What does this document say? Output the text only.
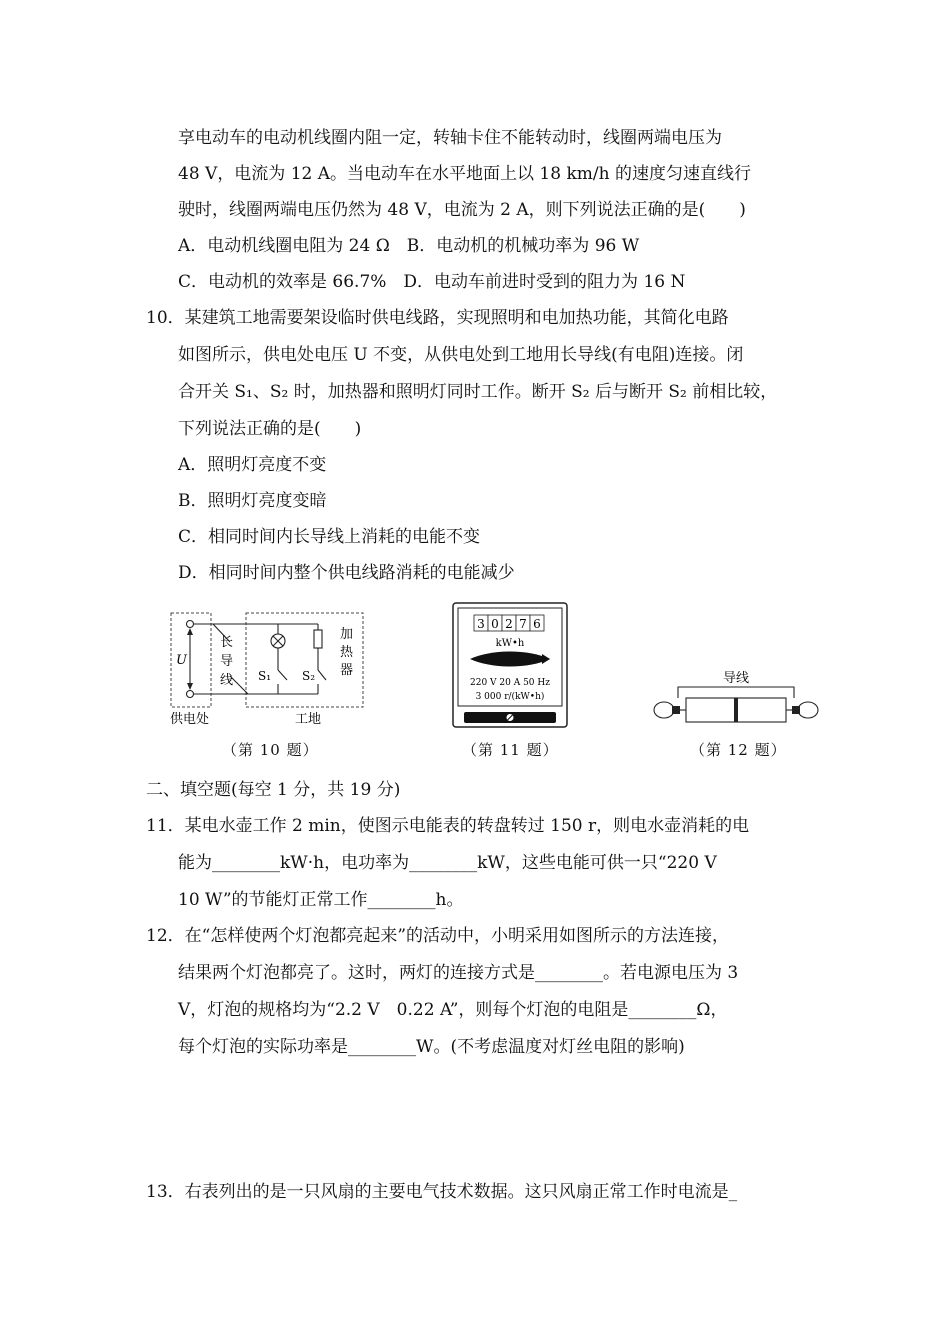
享电动车的电动机线圈内阻一定，转轴卡住不能转动时，线圈两端电压为
48 V，电流为 12 A。当电动车在水平地面上以 18 km/h 的速度匀速直线行
驶时，线圈两端电压仍然为 48 V，电流为 2 A，则下列说法正确的是(　　)
A．电动机线圈电阻为 24 Ω　B．电动机的机械功率为 96 W
C．电动机的效率是 66.7%　D．电动车前进时受到的阻力为 16 N
10．某建筑工地需要架设临时供电线路，实现照明和电加热功能，其简化电路
如图所示，供电处电压 U 不变，从供电处到工地用长导线(有电阻)连接。闭
合开关 S₁、S₂ 时，加热器和照明灯同时工作。断开 S₂ 后与断开 S₂ 前相比较，
下列说法正确的是(　　)
A．照明灯亮度不变
B．照明灯亮度变暗
C．相同时间内长导线上消耗的电能不变
D．相同时间内整个供电线路消耗的电能减少
U
长
导
线
加
热
器
S₁	S₂
供电处	工地
（第 10 题）
3 0 2 7 6
kW•h
220 V 20 A 50 Hz
3 000 r/(kW•h)
（第 11 题）
导线
（第 12 题）
二、填空题(每空 1 分，共 19 分)
11．某电水壶工作 2 min，使图示电能表的转盘转过 150 r，则电水壶消耗的电
能为________kW·h，电功率为________kW，这些电能可供一只“220 V
10 W”的节能灯正常工作________h。
12．在“怎样使两个灯泡都亮起来”的活动中，小明采用如图所示的方法连接，
结果两个灯泡都亮了。这时，两灯的连接方式是________。若电源电压为 3
V，灯泡的规格均为“2.2 V　0.22 A”，则每个灯泡的电阻是________Ω，
每个灯泡的实际功率是________W。(不考虑温度对灯丝电阻的影响)
13．右表列出的是一只风扇的主要电气技术数据。这只风扇正常工作时电流是_
